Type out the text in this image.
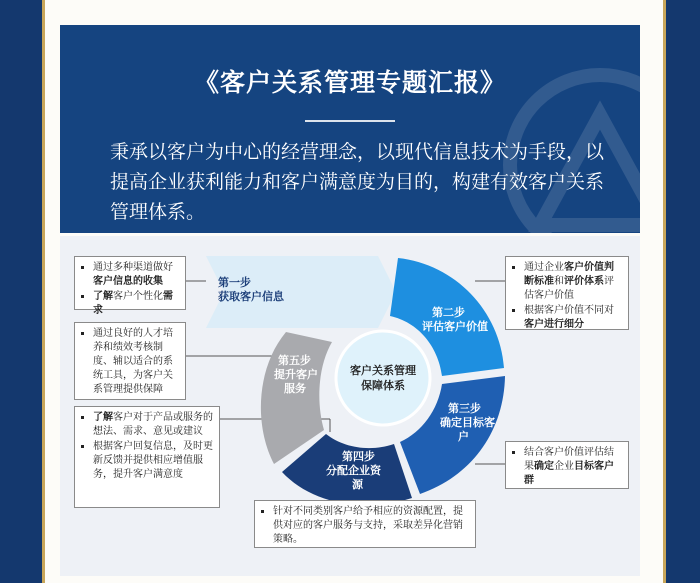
《客户关系管理专题汇报》
秉承以客户为中心的经营理念，以现代信息技术为手段，以提高企业获利能力和客户满意度为目的，构建有效客户关系管理体系。
第一步
获取客户信息
第二步
评估客户价值
第三步
确定目标客
户
第四步
分配企业资
源
第五步
提升客户
服务
客户关系管理
保障体系
▪ 通过多种渠道做好客户信息的收集
▪ 了解客户个性化需求
▪ 通过良好的人才培养和绩效考核制度、辅以适合的系统工具，为客户关系管理提供保障
▪ 了解客户对于产品或服务的想法、需求、意见或建议
▪ 根据客户回复信息，及时更新反馈并提供相应增值服务，提升客户满意度
▪ 通过企业客户价值判断标准和评价体系评估客户价值
▪ 根据客户价值不同对客户进行细分
▪ 结合客户价值评估结果确定企业目标客户群
▪ 针对不同类别客户给予相应的资源配置，提供对应的客户服务与支持，采取差异化营销策略。
